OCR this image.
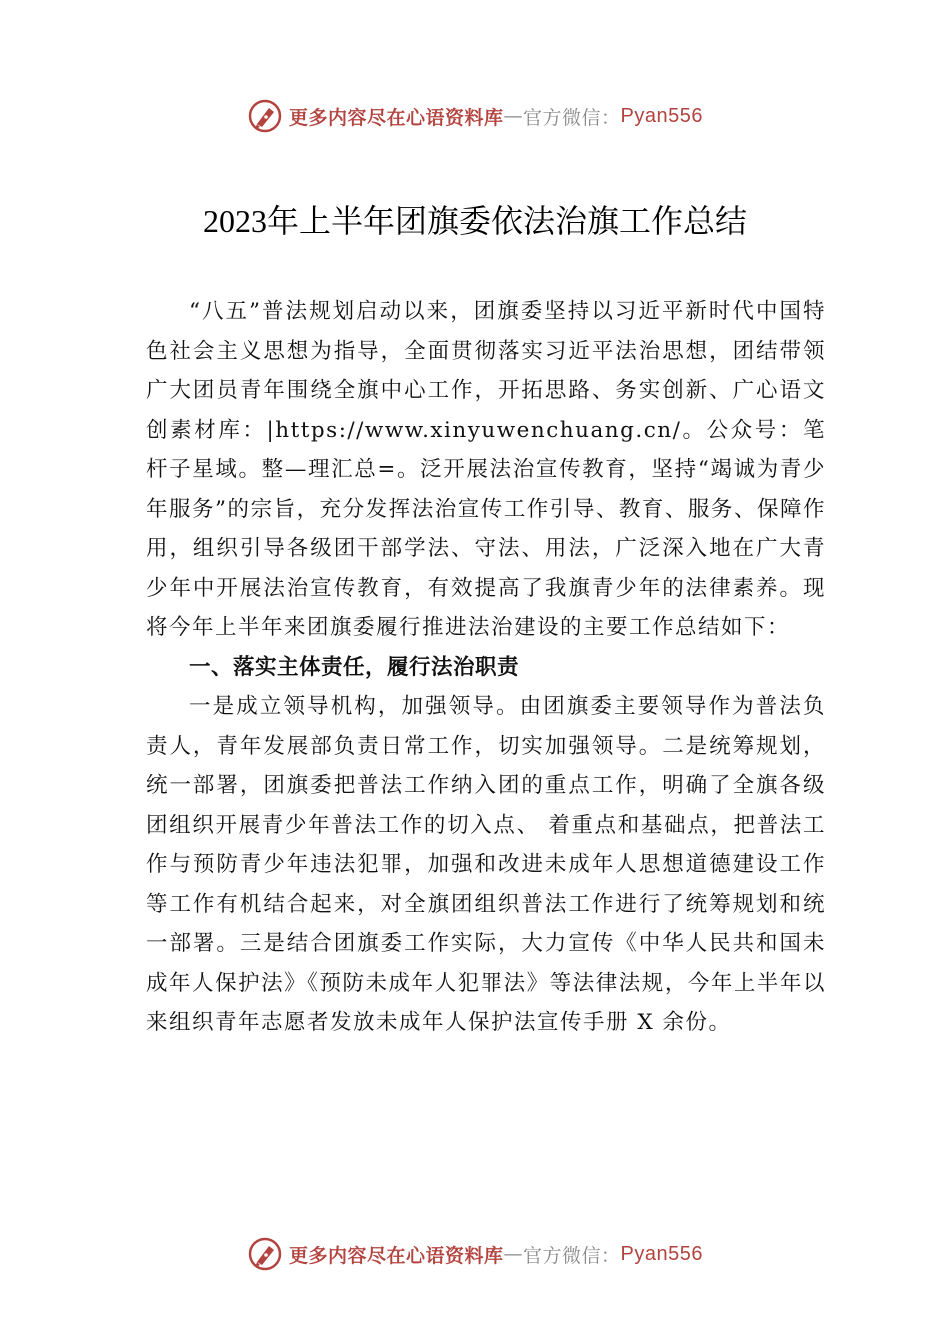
更多内容尽在心语资料库 — 官方微信： Pyan556
2023年上半年团旗委依法治旗工作总结

“八五”普法规划启动以来，团旗委坚持以习近平新时代中国特色社会主义思想为指导，全面贯彻落实习近平法治思想，团结带领广大团员青年围绕全旗中心工作，开拓思路、务实创新、广心语文创素材库：|https://www.xinyuwenchuang.cn/。公众号：笔杆子星域。整—理汇总=。泛开展法治宣传教育，坚持“竭诚为青少年服务”的宗旨，充分发挥法治宣传工作引导、教育、服务、保障作用，组织引导各级团干部学法、守法、用法，广泛深入地在广大青少年中开展法治宣传教育，有效提高了我旗青少年的法律素养。现将今年上半年来团旗委履行推进法治建设的主要工作总结如下：

一、落实主体责任，履行法治职责

一是成立领导机构，加强领导。由团旗委主要领导作为普法负责人，青年发展部负责日常工作，切实加强领导。二是统筹规划，统一部署，团旗委把普法工作纳入团的重点工作，明确了全旗各级团组织开展青少年普法工作的切入点、 着重点和基础点，把普法工作与预防青少年违法犯罪，加强和改进未成年人思想道德建设工作等工作有机结合起来，对全旗团组织普法工作进行了统筹规划和统一部署。三是结合团旗委工作实际，大力宣传《中华人民共和国未成年人保护法》《预防未成年人犯罪法》等法律法规，今年上半年以来组织青年志愿者发放未成年人保护法宣传手册 X 余份。

更多内容尽在心语资料库 — 官方微信： Pyan556
